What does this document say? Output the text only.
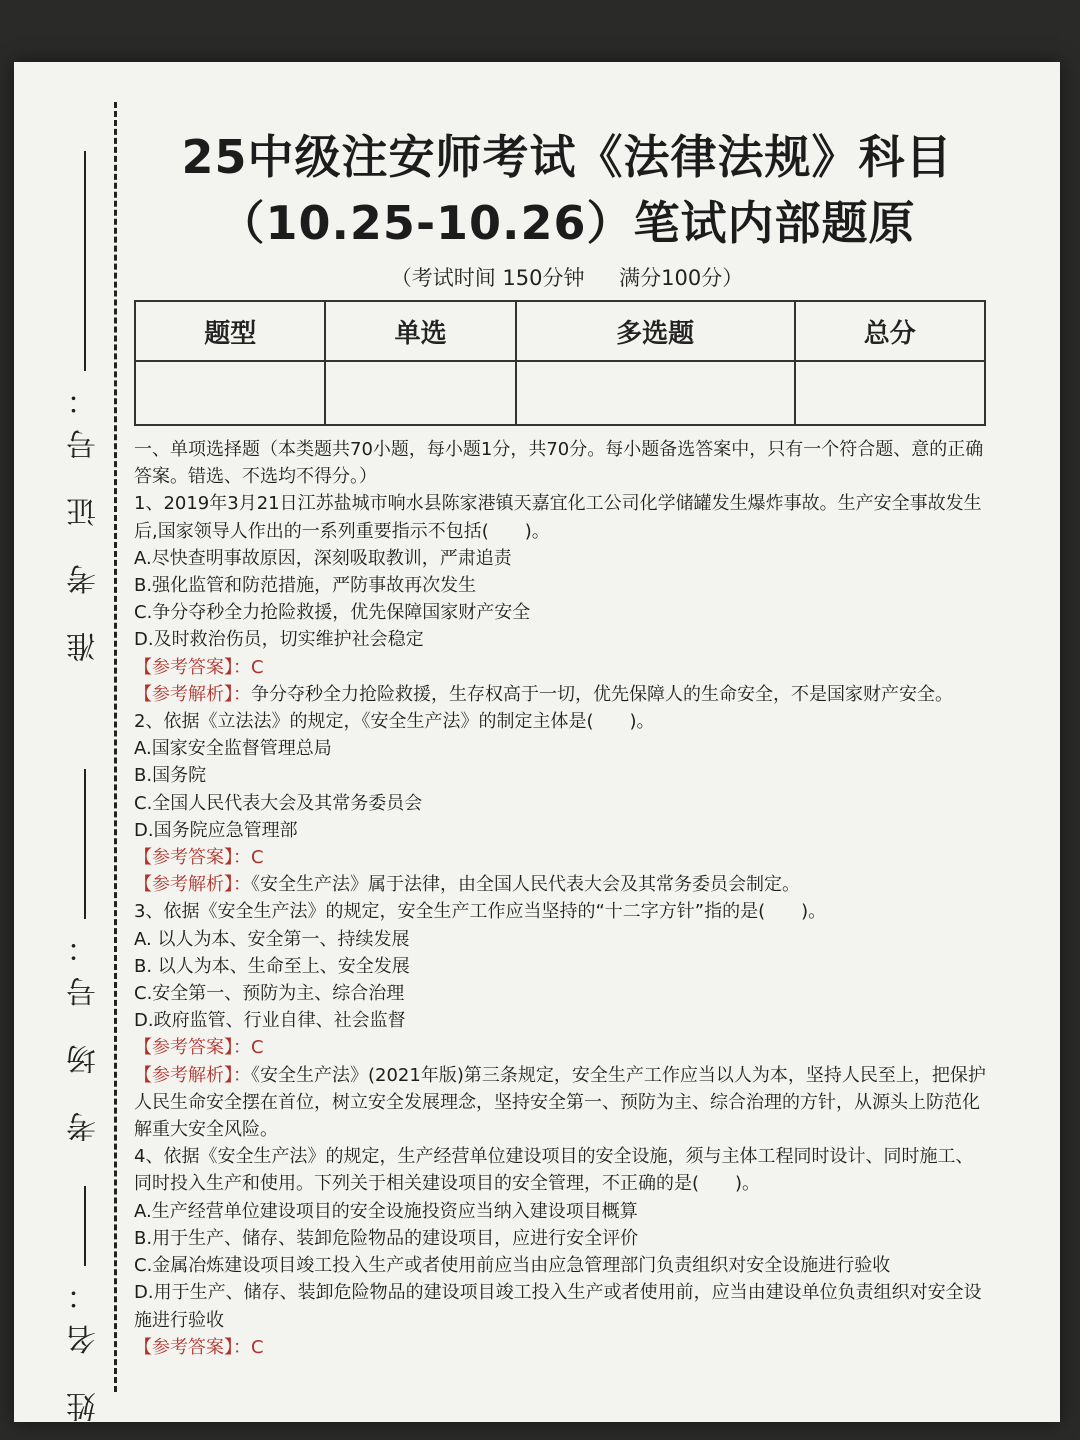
准 考 证 号：
考 场 号：
姓 名：
25中级注安师考试《法律法规》科目
（10.25-10.26）笔试内部题原
（考试时间 150分钟 满分100分）
题型	单选	多选题	总分

一、单项选择题（本类题共70小题，每小题1分，共70分。每小题备选答案中，只有一个符合题、意的正确答案。错选、不选均不得分。）

1、2019年3月21日江苏盐城市响水县陈家港镇天嘉宜化工公司化学储罐发生爆炸事故。生产安全事故发生后,国家领导人作出的一系列重要指示不包括(　　)。

A.尽快查明事故原因，深刻吸取教训，严肃追责

B.强化监管和防范措施，严防事故再次发生

C.争分夺秒全力抢险救援，优先保障国家财产安全

D.及时救治伤员，切实维护社会稳定

【参考答案】：C

【参考解析】：争分夺秒全力抢险救援，生存权高于一切，优先保障人的生命安全，不是国家财产安全。

2、依据《立法法》的规定，《安全生产法》的制定主体是(　　)。

A.国家安全监督管理总局

B.国务院

C.全国人民代表大会及其常务委员会

D.国务院应急管理部

【参考答案】：C

【参考解析】：《安全生产法》属于法律，由全国人民代表大会及其常务委员会制定。

3、依据《安全生产法》的规定，安全生产工作应当坚持的“十二字方针”指的是(　　)。

A. 以人为本、安全第一、持续发展

B. 以人为本、生命至上、安全发展

C.安全第一、预防为主、综合治理

D.政府监管、行业自律、社会监督

【参考答案】：C

【参考解析】：《安全生产法》(2021年版)第三条规定，安全生产工作应当以人为本，坚持人民至上，把保护人民生命安全摆在首位，树立安全发展理念，坚持安全第一、预防为主、综合治理的方针，从源头上防范化解重大安全风险。

4、依据《安全生产法》的规定，生产经营单位建设项目的安全设施，须与主体工程同时设计、同时施工、同时投入生产和使用。下列关于相关建设项目的安全管理，不正确的是(　　)。

A.生产经营单位建设项目的安全设施投资应当纳入建设项目概算

B.用于生产、储存、装卸危险物品的建设项目，应进行安全评价

C.金属冶炼建设项目竣工投入生产或者使用前应当由应急管理部门负责组织对安全设施进行验收

D.用于生产、储存、装卸危险物品的建设项目竣工投入生产或者使用前，应当由建设单位负责组织对安全设施进行验收

【参考答案】：C
